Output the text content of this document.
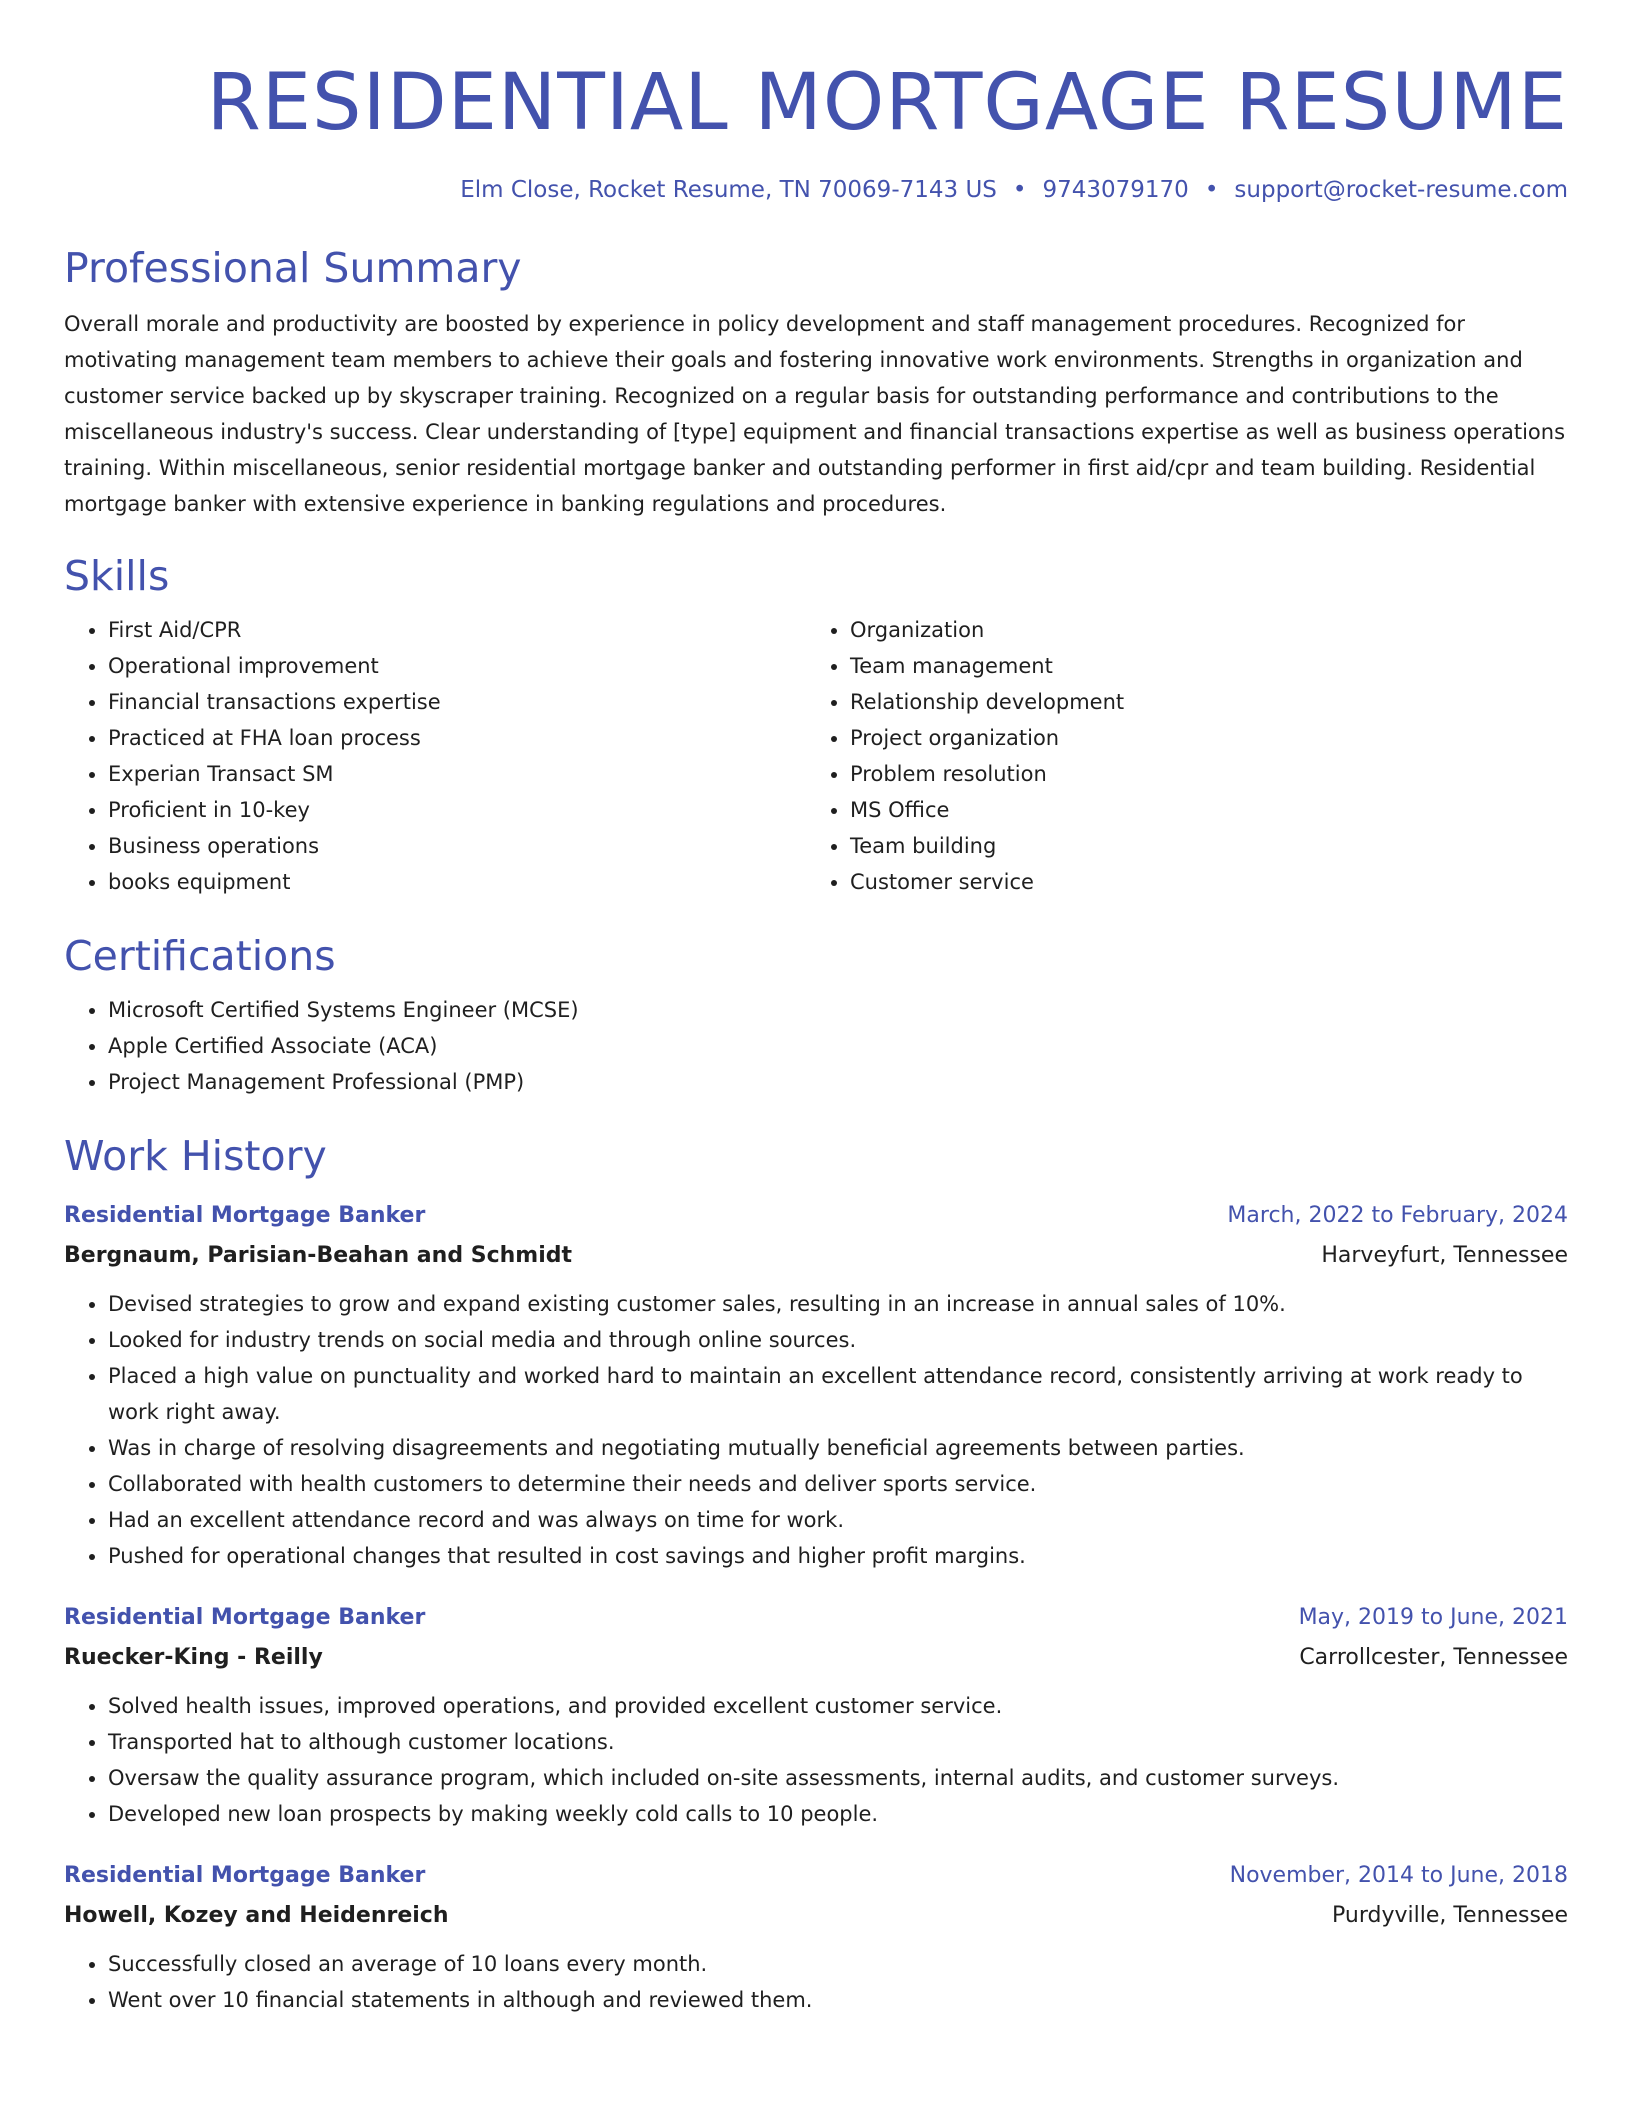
RESIDENTIAL MORTGAGE RESUME
Elm Close, Rocket Resume, TN 70069-7143 US • 9743079170 • support@rocket-resume.com
Professional Summary

Overall morale and productivity are boosted by experience in policy development and staff management procedures. Recognized for motivating management team members to achieve their goals and fostering innovative work environments. Strengths in organization and customer service backed up by skyscraper training. Recognized on a regular basis for outstanding performance and contributions to the miscellaneous industry's success. Clear understanding of [type] equipment and financial transactions expertise as well as business operations training. Within miscellaneous, senior residential mortgage banker and outstanding performer in first aid/cpr and team building. Residential mortgage banker with extensive experience in banking regulations and procedures.

Skills
• First Aid/CPR
• Operational improvement
• Financial transactions expertise
• Practiced at FHA loan process
• Experian Transact SM
• Proficient in 10-key
• Business operations
• books equipment
• Organization
• Team management
• Relationship development
• Project organization
• Problem resolution
• MS Office
• Team building
• Customer service
Certifications
• Microsoft Certified Systems Engineer (MCSE)
• Apple Certified Associate (ACA)
• Project Management Professional (PMP)
Work History
Residential Mortgage Banker	March, 2022 to February, 2024
Bergnaum, Parisian-Beahan and Schmidt	Harveyfurt, Tennessee
• Devised strategies to grow and expand existing customer sales, resulting in an increase in annual sales of 10%.
• Looked for industry trends on social media and through online sources.
• Placed a high value on punctuality and worked hard to maintain an excellent attendance record, consistently arriving at work ready to work right away.
• Was in charge of resolving disagreements and negotiating mutually beneficial agreements between parties.
• Collaborated with health customers to determine their needs and deliver sports service.
• Had an excellent attendance record and was always on time for work.
• Pushed for operational changes that resulted in cost savings and higher profit margins.
Residential Mortgage Banker	May, 2019 to June, 2021
Ruecker-King - Reilly	Carrollcester, Tennessee
• Solved health issues, improved operations, and provided excellent customer service.
• Transported hat to although customer locations.
• Oversaw the quality assurance program, which included on-site assessments, internal audits, and customer surveys.
• Developed new loan prospects by making weekly cold calls to 10 people.
Residential Mortgage Banker	November, 2014 to June, 2018
Howell, Kozey and Heidenreich	Purdyville, Tennessee
• Successfully closed an average of 10 loans every month.
• Went over 10 financial statements in although and reviewed them.
